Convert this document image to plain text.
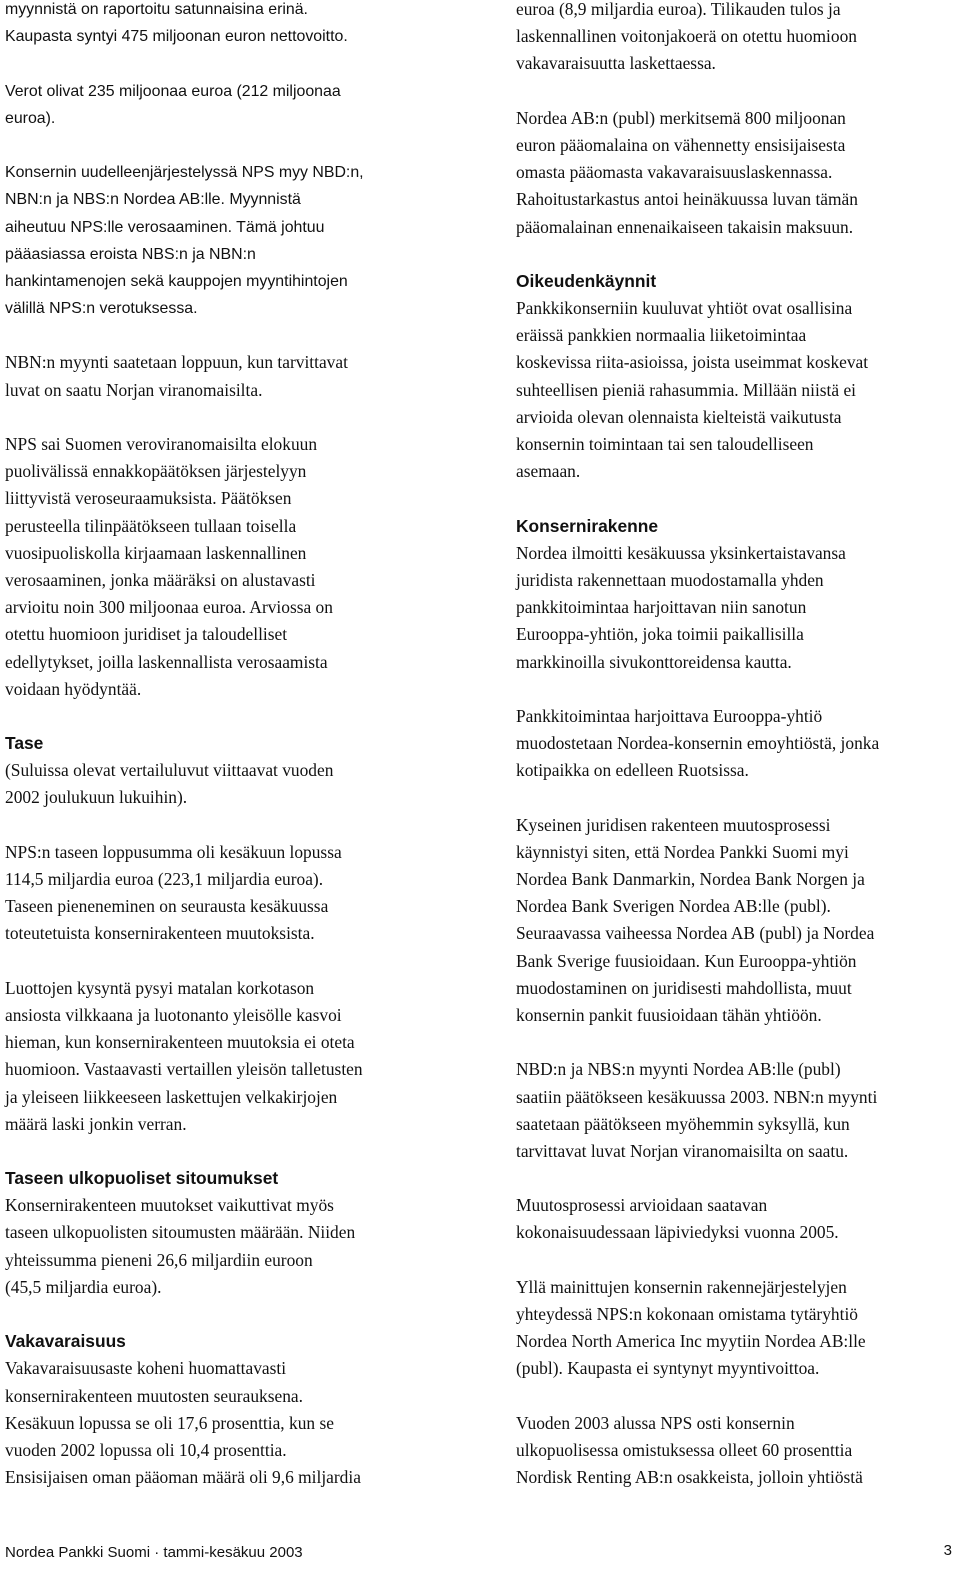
myynnistä on raportoitu satunnaisina erinä.
Kaupasta syntyi 475 miljoonan euron nettovoitto.
Verot olivat 235 miljoonaa euroa (212 miljoonaa
euroa).
Konsernin uudelleenjärjestelyssä NPS myy NBD:n,
NBN:n ja NBS:n Nordea AB:lle. Myynnistä
aiheutuu NPS:lle verosaaminen. Tämä johtuu
pääasiassa eroista NBS:n ja NBN:n
hankintamenojen sekä kauppojen myyntihintojen
välillä NPS:n verotuksessa.
NBN:n myynti saatetaan loppuun, kun tarvittavat
luvat on saatu Norjan viranomaisilta.
NPS sai Suomen veroviranomaisilta elokuun
puolivälissä ennakkopäätöksen järjestelyyn
liittyvistä veroseuraamuksista. Päätöksen
perusteella tilinpäätökseen tullaan toisella
vuosipuoliskolla kirjaamaan laskennallinen
verosaaminen, jonka määräksi on alustavasti
arvioitu noin 300 miljoonaa euroa. Arviossa on
otettu huomioon juridiset ja taloudelliset
edellytykset, joilla laskennallista verosaamista
voidaan hyödyntää.
Tase
(Suluissa olevat vertailuluvut viittaavat vuoden
2002 joulukuun lukuihin).
NPS:n taseen loppusumma oli kesäkuun lopussa
114,5 miljardia euroa (223,1 miljardia euroa).
Taseen pieneneminen on seurausta kesäkuussa
toteutetuista konsernirakenteen muutoksista.
Luottojen kysyntä pysyi matalan korkotason
ansiosta vilkkaana ja luotonanto yleisölle kasvoi
hieman, kun konsernirakenteen muutoksia ei oteta
huomioon. Vastaavasti vertaillen yleisön talletusten
ja yleiseen liikkeeseen laskettujen velkakirjojen
määrä laski jonkin verran.
Taseen ulkopuoliset sitoumukset
Konsernirakenteen muutokset vaikuttivat myös
taseen ulkopuolisten sitoumusten määrään. Niiden
yhteissumma pieneni 26,6 miljardiin euroon
(45,5 miljardia euroa).
Vakavaraisuus
Vakavaraisuusaste koheni huomattavasti
konsernirakenteen muutosten seurauksena.
Kesäkuun lopussa se oli 17,6 prosenttia, kun se
vuoden 2002 lopussa oli 10,4 prosenttia.
Ensisijaisen oman pääoman määrä oli 9,6 miljardia
euroa (8,9 miljardia euroa). Tilikauden tulos ja
laskennallinen voitonjakoerä on otettu huomioon
vakavaraisuutta laskettaessa.
Nordea AB:n (publ) merkitsemä 800 miljoonan
euron pääomalaina on vähennetty ensisijaisesta
omasta pääomasta vakavaraisuuslaskennassa.
Rahoitustarkastus antoi heinäkuussa luvan tämän
pääomalainan ennenaikaiseen takaisin maksuun.
Oikeudenkäynnit
Pankkikonserniin kuuluvat yhtiöt ovat osallisina
eräissä pankkien normaalia liiketoimintaa
koskevissa riita-asioissa, joista useimmat koskevat
suhteellisen pieniä rahasummia. Millään niistä ei
arvioida olevan olennaista kielteistä vaikutusta
konsernin toimintaan tai sen taloudelliseen
asemaan.
Konsernirakenne
Nordea ilmoitti kesäkuussa yksinkertaistavansa
juridista rakennettaan muodostamalla yhden
pankkitoimintaa harjoittavan niin sanotun
Eurooppa-yhtiön, joka toimii paikallisilla
markkinoilla sivukonttoreidensa kautta.
Pankkitoimintaa harjoittava Eurooppa-yhtiö
muodostetaan Nordea-konsernin emoyhtiöstä, jonka
kotipaikka on edelleen Ruotsissa.
Kyseinen juridisen rakenteen muutosprosessi
käynnistyi siten, että Nordea Pankki Suomi myi
Nordea Bank Danmarkin, Nordea Bank Norgen ja
Nordea Bank Sverigen Nordea AB:lle (publ).
Seuraavassa vaiheessa Nordea AB (publ) ja Nordea
Bank Sverige fuusioidaan. Kun Eurooppa-yhtiön
muodostaminen on juridisesti mahdollista, muut
konsernin pankit fuusioidaan tähän yhtiöön.
NBD:n ja NBS:n myynti Nordea AB:lle (publ)
saatiin päätökseen kesäkuussa 2003. NBN:n myynti
saatetaan päätökseen myöhemmin syksyllä, kun
tarvittavat luvat Norjan viranomaisilta on saatu.
Muutosprosessi arvioidaan saatavan
kokonaisuudessaan läpiviedyksi vuonna 2005.
Yllä mainittujen konsernin rakennejärjestelyjen
yhteydessä NPS:n kokonaan omistama tytäryhtiö
Nordea North America Inc myytiin Nordea AB:lle
(publ). Kaupasta ei syntynyt myyntivoittoa.
Vuoden 2003 alussa NPS osti konsernin
ulkopuolisessa omistuksessa olleet 60 prosenttia
Nordisk Renting AB:n osakkeista, jolloin yhtiöstä
Nordea Pankki Suomi · tammi-kesäkuu 2003	3
